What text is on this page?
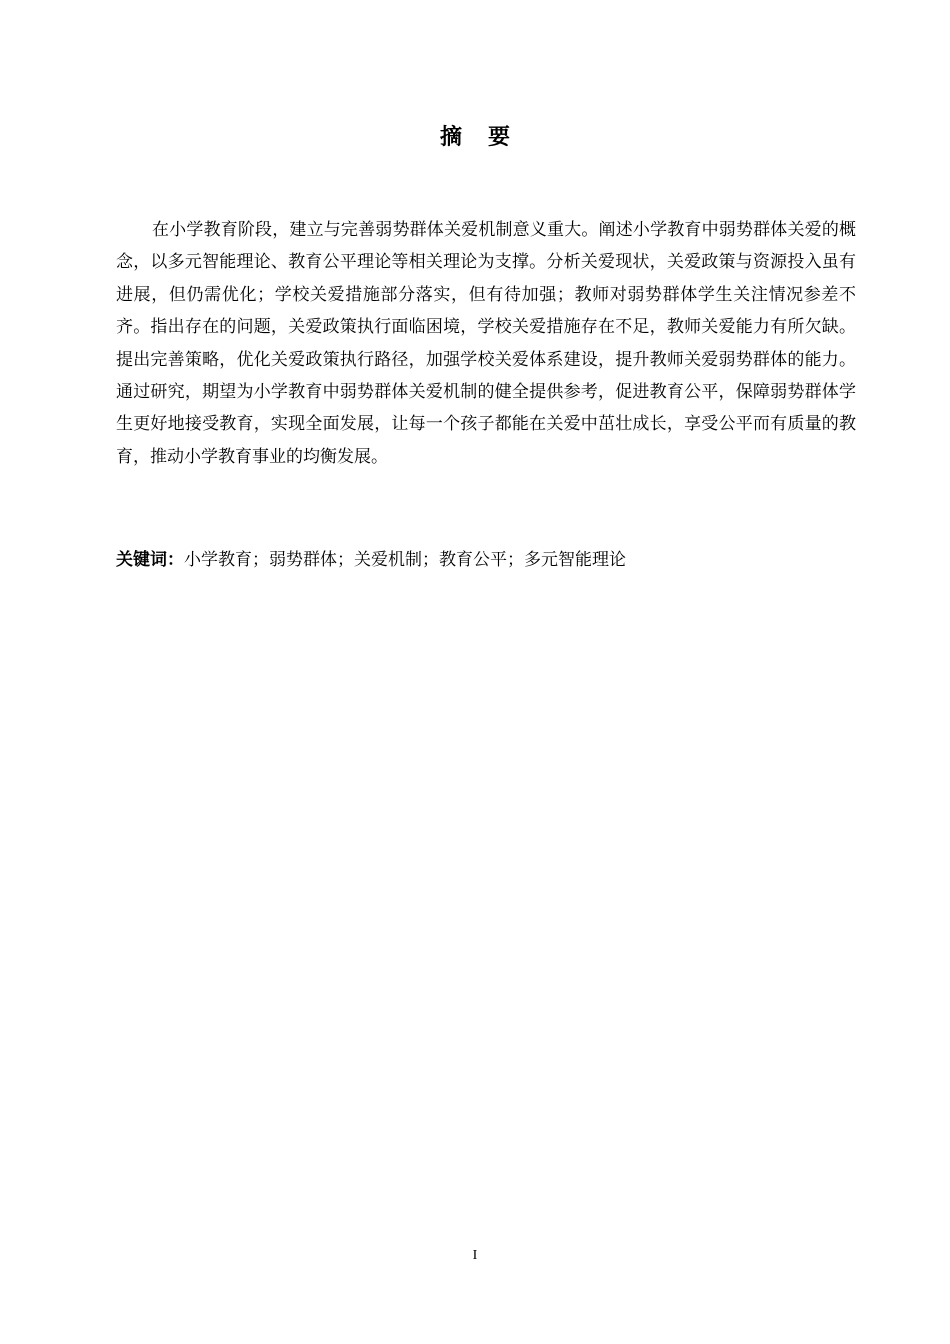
摘要

在小学教育阶段，建立与完善弱势群体关爱机制意义重大。阐述小学教育中弱势群体关爱的概念，以多元智能理论、教育公平理论等相关理论为支撑。分析关爱现状，关爱政策与资源投入虽有进展，但仍需优化；学校关爱措施部分落实，但有待加强；教师对弱势群体学生关注情况参差不齐。指出存在的问题，关爱政策执行面临困境，学校关爱措施存在不足，教师关爱能力有所欠缺。提出完善策略，优化关爱政策执行路径，加强学校关爱体系建设，提升教师关爱弱势群体的能力。通过研究，期望为小学教育中弱势群体关爱机制的健全提供参考，促进教育公平，保障弱势群体学生更好地接受教育，实现全面发展，让每一个孩子都能在关爱中茁壮成长，享受公平而有质量的教育，推动小学教育事业的均衡发展。

关键词：小学教育；弱势群体；关爱机制；教育公平；多元智能理论

I
